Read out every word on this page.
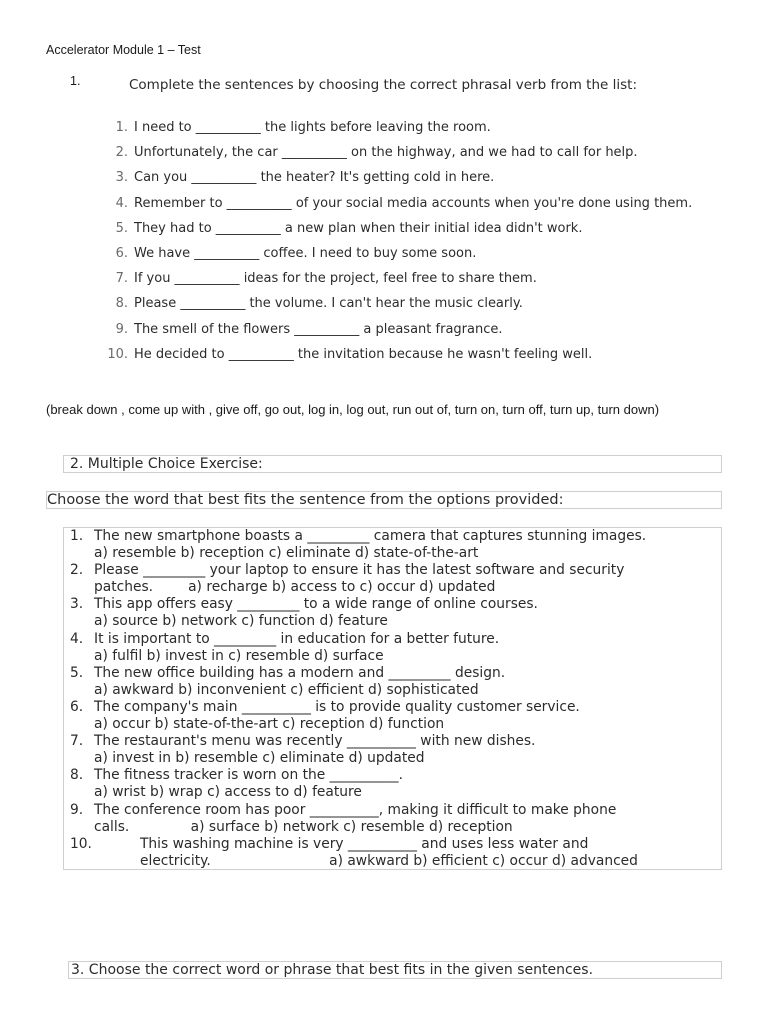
Accelerator Module 1 – Test
1.	Complete the sentences by choosing the correct phrasal verb from the list:
1. I need to __________ the lights before leaving the room.
2. Unfortunately, the car __________ on the highway, and we had to call for help.
3. Can you __________ the heater? It's getting cold in here.
4. Remember to __________ of your social media accounts when you're done using them.
5. They had to __________ a new plan when their initial idea didn't work.
6. We have __________ coffee. I need to buy some soon.
7. If you __________ ideas for the project, feel free to share them.
8. Please __________ the volume. I can't hear the music clearly.
9. The smell of the flowers __________ a pleasant fragrance.
10. He decided to __________ the invitation because he wasn't feeling well.
(break down , come up with , give off, go out, log in, log out, run out of, turn on, turn off, turn up, turn down)
2. Multiple Choice Exercise:
Choose the word that best fits the sentence from the options provided:
1. The new smartphone boasts a _________ camera that captures stunning images.
a) resemble b) reception c) eliminate d) state-of-the-art
2. Please _________ your laptop to ensure it has the latest software and security
patches.        a) recharge b) access to c) occur d) updated
3. This app offers easy _________ to a wide range of online courses.
a) source b) network c) function d) feature
4. It is important to _________ in education for a better future.
a) fulfil b) invest in c) resemble d) surface
5. The new office building has a modern and _________ design.
a) awkward b) inconvenient c) efficient d) sophisticated
6. The company's main __________ is to provide quality customer service.
a) occur b) state-of-the-art c) reception d) function
7. The restaurant's menu was recently __________ with new dishes.
a) invest in b) resemble c) eliminate d) updated
8. The fitness tracker is worn on the __________.
a) wrist b) wrap c) access to d) feature
9. The conference room has poor __________, making it difficult to make phone
calls.              a) surface b) network c) resemble d) reception
10.	This washing machine is very __________ and uses less water and
electricity.                           a) awkward b) efficient c) occur d) advanced
3. Choose the correct word or phrase that best fits in the given sentences.
